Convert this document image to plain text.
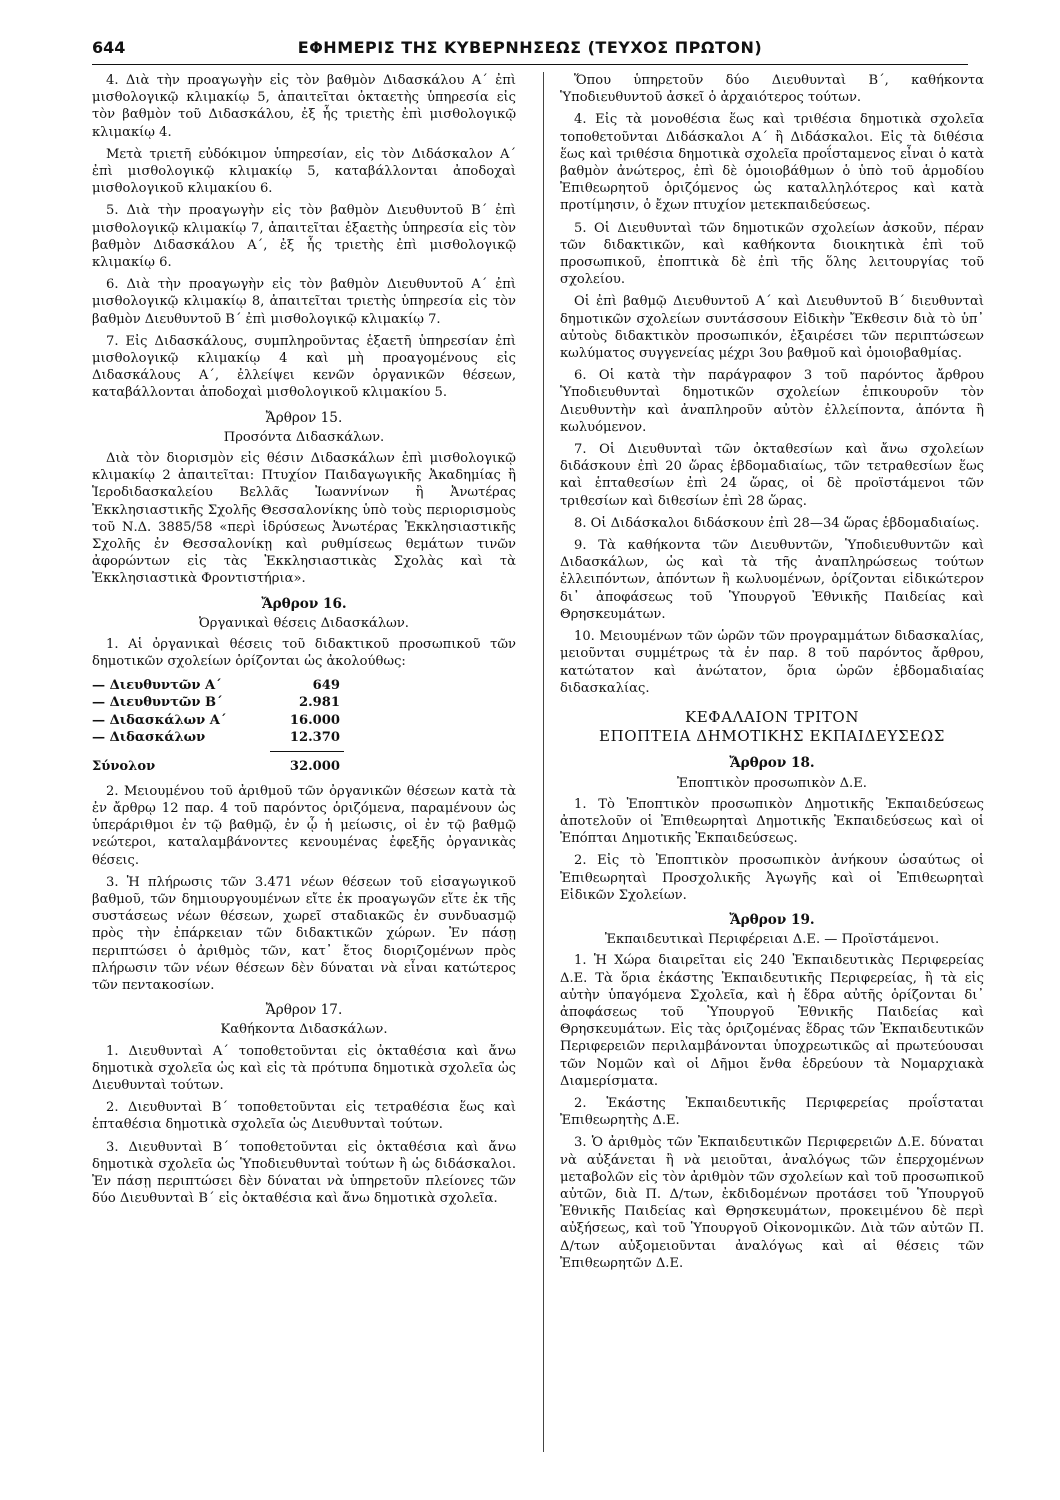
644	ΕΦΗΜΕΡΙΣ ΤΗΣ ΚΥΒΕΡΝΗΣΕΩΣ (ΤΕΥΧΟΣ ΠΡΩΤΟΝ)

4. Διὰ τὴν προαγωγὴν εἰς τὸν βαθμὸν Διδασκάλου Α΄ ἐπὶ μισθολογικῷ κλιμακίῳ 5, ἀπαιτεῖται ὀκταετὴς ὑπηρεσία εἰς τὸν βαθμὸν τοῦ Διδασκάλου, ἐξ ἧς τριετὴς ἐπὶ μισθολογικῷ κλιμακίῳ 4.

Μετὰ τριετῆ εὐδόκιμον ὑπηρεσίαν, εἰς τὸν Διδάσκαλον Α΄ ἐπὶ μισθολογικῷ κλιμακίῳ 5, καταβάλλονται ἀποδοχαὶ μισθολογικοῦ κλιμακίου 6.

5. Διὰ τὴν προαγωγὴν εἰς τὸν βαθμὸν Διευθυντοῦ Β΄ ἐπὶ μισθολογικῷ κλιμακίῳ 7, ἀπαιτεῖται ἑξαετὴς ὑπηρεσία εἰς τὸν βαθμὸν Διδασκάλου Α΄, ἐξ ἧς τριετὴς ἐπὶ μισθολογικῷ κλιμακίῳ 6.

6. Διὰ τὴν προαγωγὴν εἰς τὸν βαθμὸν Διευθυντοῦ Α΄ ἐπὶ μισθολογικῷ κλιμακίῳ 8, ἀπαιτεῖται τριετὴς ὑπηρεσία εἰς τὸν βαθμὸν Διευθυντοῦ Β΄ ἐπὶ μισθολογικῷ κλιμακίῳ 7.

7. Εἰς Διδασκάλους, συμπληροῦντας ἑξαετῆ ὑπηρεσίαν ἐπὶ μισθολογικῷ κλιμακίῳ 4 καὶ μὴ προαγομένους εἰς Διδασκάλους Α΄, ἐλλείψει κενῶν ὀργανικῶν θέσεων, καταβάλλονται ἀποδοχαὶ μισθολογικοῦ κλιμακίου 5.

Ἄρθρον 15.
Προσόντα Διδασκάλων.

Διὰ τὸν διορισμὸν εἰς θέσιν Διδασκάλων ἐπὶ μισθολογικῷ κλιμακίῳ 2 ἀπαιτεῖται: Πτυχίον Παιδαγωγικῆς Ἀκαδημίας ἢ Ἱεροδιδασκαλείου Βελλᾶς Ἰωαννίνων ἢ Ἀνωτέρας Ἐκκλησιαστικῆς Σχολῆς Θεσσαλονίκης ὑπὸ τοὺς περιορισμοὺς τοῦ Ν.Δ. 3885/58 «περὶ ἱδρύσεως Ἀνωτέρας Ἐκκλησιαστικῆς Σχολῆς ἐν Θεσσαλονίκῃ καὶ ρυθμίσεως θεμάτων τινῶν ἀφορώντων εἰς τὰς Ἐκκλησιαστικὰς Σχολὰς καὶ τὰ Ἐκκλησιαστικὰ Φροντιστήρια».

Ἄρθρον 16.
Ὀργανικαὶ θέσεις Διδασκάλων.

1. Αἱ ὀργανικαὶ θέσεις τοῦ διδακτικοῦ προσωπικοῦ τῶν δημοτικῶν σχολείων ὁρίζονται ὡς ἀκολούθως:

— Διευθυντῶν Α΄	649
— Διευθυντῶν Β΄	2.981
— Διδασκάλων Α΄	16.000
— Διδασκάλων	12.370
Σύνολον	32.000

2. Μειουμένου τοῦ ἀριθμοῦ τῶν ὀργανικῶν θέσεων κατὰ τὰ ἐν ἄρθρῳ 12 παρ. 4 τοῦ παρόντος ὁριζόμενα, παραμένουν ὡς ὑπεράριθμοι ἐν τῷ βαθμῷ, ἐν ᾧ ἡ μείωσις, οἱ ἐν τῷ βαθμῷ νεώτεροι, καταλαμβάνοντες κενουμένας ἐφεξῆς ὀργανικὰς θέσεις.

3. Ἡ πλήρωσις τῶν 3.471 νέων θέσεων τοῦ εἰσαγωγικοῦ βαθμοῦ, τῶν δημιουργουμένων εἴτε ἐκ προαγωγῶν εἴτε ἐκ τῆς συστάσεως νέων θέσεων, χωρεῖ σταδιακῶς ἐν συνδυασμῷ πρὸς τὴν ἐπάρκειαν τῶν διδακτικῶν χώρων. Ἐν πάσῃ περιπτώσει ὁ ἀριθμὸς τῶν, κατ᾽ ἔτος διοριζομένων πρὸς πλήρωσιν τῶν νέων θέσεων δὲν δύναται νὰ εἶναι κατώτερος τῶν πεντακοσίων.

Ἄρθρον 17.
Καθήκοντα Διδασκάλων.

1. Διευθυνταὶ Α΄ τοποθετοῦνται εἰς ὀκταθέσια καὶ ἄνω δημοτικὰ σχολεῖα ὡς καὶ εἰς τὰ πρότυπα δημοτικὰ σχολεῖα ὡς Διευθυνταὶ τούτων.

2. Διευθυνταὶ Β΄ τοποθετοῦνται εἰς τετραθέσια ἕως καὶ ἑπταθέσια δημοτικὰ σχολεῖα ὡς Διευθυνταὶ τούτων.

3. Διευθυνταὶ Β΄ τοποθετοῦνται εἰς ὀκταθέσια καὶ ἄνω δημοτικὰ σχολεῖα ὡς Ὑποδιευθυνταὶ τούτων ἢ ὡς διδάσκαλοι. Ἐν πάσῃ περιπτώσει δὲν δύναται νὰ ὑπηρετοῦν πλείονες τῶν δύο Διευθυνταὶ Β΄ εἰς ὀκταθέσια καὶ ἄνω δημοτικὰ σχολεῖα.

Ὅπου ὑπηρετοῦν δύο Διευθυνταὶ Β΄, καθήκοντα Ὑποδιευθυντοῦ ἀσκεῖ ὁ ἀρχαιότερος τούτων.

4. Εἰς τὰ μονοθέσια ἕως καὶ τριθέσια δημοτικὰ σχολεῖα τοποθετοῦνται Διδάσκαλοι Α΄ ἢ Διδάσκαλοι. Εἰς τὰ διθέσια ἕως καὶ τριθέσια δημοτικὰ σχολεῖα προΐσταμενος εἶναι ὁ κατὰ βαθμὸν ἀνώτερος, ἐπὶ δὲ ὁμοιοβάθμων ὁ ὑπὸ τοῦ ἁρμοδίου Ἐπιθεωρητοῦ ὁριζόμενος ὡς καταλληλότερος καὶ κατὰ προτίμησιν, ὁ ἔχων πτυχίον μετεκπαιδεύσεως.

5. Οἱ Διευθυνταὶ τῶν δημοτικῶν σχολείων ἀσκοῦν, πέραν τῶν διδακτικῶν, καὶ καθήκοντα διοικητικὰ ἐπὶ τοῦ προσωπικοῦ, ἐποπτικὰ δὲ ἐπὶ τῆς ὅλης λειτουργίας τοῦ σχολείου.

Οἱ ἐπὶ βαθμῷ Διευθυντοῦ Α΄ καὶ Διευθυντοῦ Β΄ διευθυνταὶ δημοτικῶν σχολείων συντάσσουν Εἰδικὴν Ἔκθεσιν διὰ τὸ ὑπ᾽ αὐτοὺς διδακτικὸν προσωπικόν, ἐξαιρέσει τῶν περιπτώσεων κωλύματος συγγενείας μέχρι 3ου βαθμοῦ καὶ ὁμοιοβαθμίας.

6. Οἱ κατὰ τὴν παράγραφον 3 τοῦ παρόντος ἄρθρου Ὑποδιευθυνταὶ δημοτικῶν σχολείων ἐπικουροῦν τὸν Διευθυντὴν καὶ ἀναπληροῦν αὐτὸν ἐλλείποντα, ἀπόντα ἢ κωλυόμενον.

7. Οἱ Διευθυνταὶ τῶν ὀκταθεσίων καὶ ἄνω σχολείων διδάσκουν ἐπὶ 20 ὥρας ἑβδομαδιαίως, τῶν τετραθεσίων ἕως καὶ ἑπταθεσίων ἐπὶ 24 ὥρας, οἱ δὲ προϊστάμενοι τῶν τριθεσίων καὶ διθεσίων ἐπὶ 28 ὥρας.

8. Οἱ Διδάσκαλοι διδάσκουν ἐπὶ 28—34 ὥρας ἑβδομαδιαίως.

9. Τὰ καθήκοντα τῶν Διευθυντῶν, Ὑποδιευθυντῶν καὶ Διδασκάλων, ὡς καὶ τὰ τῆς ἀναπληρώσεως τούτων ἐλλειπόντων, ἀπόντων ἢ κωλυομένων, ὁρίζονται εἰδικώτερον δι᾽ ἀποφάσεως τοῦ Ὑπουργοῦ Ἐθνικῆς Παιδείας καὶ Θρησκευμάτων.

10. Μειουμένων τῶν ὡρῶν τῶν προγραμμάτων διδασκαλίας, μειοῦνται συμμέτρως τὰ ἐν παρ. 8 τοῦ παρόντος ἄρθρου, κατώτατον καὶ ἀνώτατον, ὅρια ὡρῶν ἑβδομαδιαίας διδασκαλίας.

ΚΕΦΑΛΑΙΟΝ ΤΡΙΤΟΝ
ΕΠΟΠΤΕΙΑ ΔΗΜΟΤΙΚΗΣ ΕΚΠΑΙΔΕΥΣΕΩΣ
Ἄρθρον 18.
Ἐποπτικὸν προσωπικὸν Δ.Ε.

1. Τὸ Ἐποπτικὸν προσωπικὸν Δημοτικῆς Ἐκπαιδεύσεως ἀποτελοῦν οἱ Ἐπιθεωρηταὶ Δημοτικῆς Ἐκπαιδεύσεως καὶ οἱ Ἐπόπται Δημοτικῆς Ἐκπαιδεύσεως.

2. Εἰς τὸ Ἐποπτικὸν προσωπικὸν ἀνήκουν ὡσαύτως οἱ Ἐπιθεωρηταὶ Προσχολικῆς Ἀγωγῆς καὶ οἱ Ἐπιθεωρηταὶ Εἰδικῶν Σχολείων.

Ἄρθρον 19.
Ἐκπαιδευτικαὶ Περιφέρειαι Δ.Ε. — Προϊστάμενοι.

1. Ἡ Χώρα διαιρεῖται εἰς 240 Ἐκπαιδευτικὰς Περιφερείας Δ.Ε. Τὰ ὅρια ἑκάστης Ἐκπαιδευτικῆς Περιφερείας, ἢ τὰ εἰς αὐτὴν ὑπαγόμενα Σχολεῖα, καὶ ἡ ἕδρα αὐτῆς ὁρίζονται δι᾽ ἀποφάσεως τοῦ Ὑπουργοῦ Ἐθνικῆς Παιδείας καὶ Θρησκευμάτων. Εἰς τὰς ὁριζομένας ἕδρας τῶν Ἐκπαιδευτικῶν Περιφερειῶν περιλαμβάνονται ὑποχρεωτικῶς αἱ πρωτεύουσαι τῶν Νομῶν καὶ οἱ Δῆμοι ἔνθα ἑδρεύουν τὰ Νομαρχιακὰ Διαμερίσματα.

2. Ἑκάστης Ἐκπαιδευτικῆς Περιφερείας προΐσταται Ἐπιθεωρητὴς Δ.Ε.

3. Ὁ ἀριθμὸς τῶν Ἐκπαιδευτικῶν Περιφερειῶν Δ.Ε. δύναται νὰ αὐξάνεται ἢ νὰ μειοῦται, ἀναλόγως τῶν ἐπερχομένων μεταβολῶν εἰς τὸν ἀριθμὸν τῶν σχολείων καὶ τοῦ προσωπικοῦ αὐτῶν, διὰ Π. Δ/των, ἐκδιδομένων προτάσει τοῦ Ὑπουργοῦ Ἐθνικῆς Παιδείας καὶ Θρησκευμάτων, προκειμένου δὲ περὶ αὐξήσεως, καὶ τοῦ Ὑπουργοῦ Οἰκονομικῶν. Διὰ τῶν αὐτῶν Π. Δ/των αὐξομειοῦνται ἀναλόγως καὶ αἱ θέσεις τῶν Ἐπιθεωρητῶν Δ.Ε.
